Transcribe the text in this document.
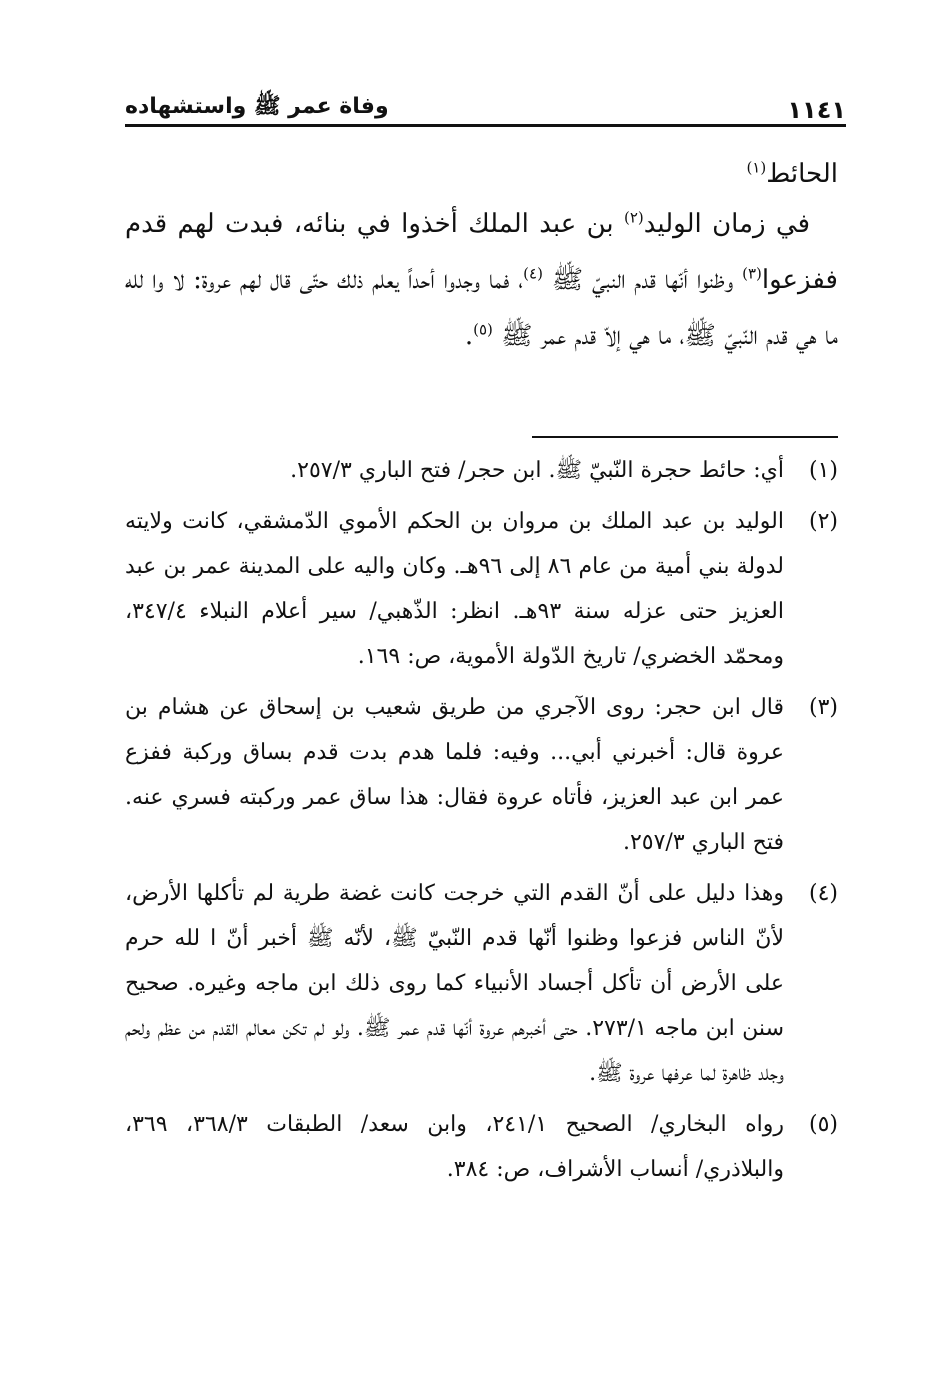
١١٤١
وفاة عمر ﷺ واستشهاده
الحائط$^{(١)}$

في زمان الوليد$^{(٢)}$ بن عبد الملك أخذوا في بنائه، فبدت لهم قدم ففزعوا$^{(٣)}$ وظنوا أنّها قدم النبيّ ﷺ $^{(٤)}$، فما وجدوا أحداً يعلم ذلك حتّى قال لهم عروة: لا وا لله ما هي قدم النّبيّ ﷺ، ما هي إلاّ قدم عمر ﷺ $^{(٥)}$.

(١)
أي: حائط حجرة النّبيّ ﷺ. ابن حجر/ فتح الباري ٢٥٧/٣.
(٢)
الوليد بن عبد الملك بن مروان بن الحكم الأموي الدّمشقي، كانت ولايته لدولة بني أمية من عام ٨٦ إلى ٩٦هـ. وكان واليه على المدينة عمر بن عبد العزيز حتى عزله سنة ٩٣هـ. انظر: الذّهبي/ سير أعلام النبلاء ٣٤٧/٤، ومحمّد الخضري/ تاريخ الدّولة الأموية، ص: ١٦٩.
(٣)
قال ابن حجر: روى الآجري من طريق شعيب بن إسحاق عن هشام بن عروة قال: أخبرني أبي... وفيه: فلما هدم بدت قدم بساق وركبة ففزع عمر ابن عبد العزيز، فأتاه عروة فقال: هذا ساق عمر وركبته فسري عنه. فتح الباري ٢٥٧/٣.
(٤)
وهذا دليل على أنّ القدم التي خرجت كانت غضة طرية لم تأكلها الأرض، لأنّ الناس فزعوا وظنوا أنّها قدم النّبيّ ﷺ، لأنّه ﷺ أخبر أنّ ا لله حرم على الأرض أن تأكل أجساد الأنبياء كما روى ذلك ابن ماجه وغيره. صحيح سنن ابن ماجه ٢٧٣/١. حتى أخبرهم عروة أنّها قدم عمر ﷺ. ولو لم تكن معالم القدم من عظم ولحم وجلد ظاهرة لما عرفها عروة ﷺ.
(٥)
رواه البخاري/ الصحيح ٢٤١/١، وابن سعد/ الطبقات ٣٦٨/٣، ٣٦٩، والبلاذري/ أنساب الأشراف، ص: ٣٨٤.
